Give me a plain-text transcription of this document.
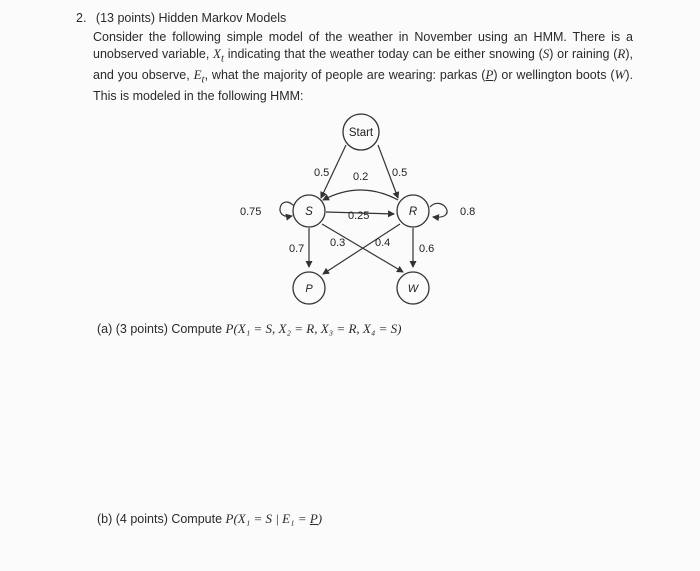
2. (13 points) Hidden Markov Models
Consider the following simple model of the weather in November using an HMM. There is a unobserved variable, $X_t$ indicating that the weather today can be either snowing (S) or raining (R), and you observe, $E_t$, what the majority of people are wearing: parkas (P) or wellington boots (W). This is modeled in the following HMM:
Start
S	R
P	W
0.5	0.5
0.2
0.25
0.75	0.8
0.7 0.3	0.4	0.6
(a) (3 points) Compute P(X₁ = S, X₂ = R, X₃ = R, X₄ = S)
(b) (4 points) Compute P(X₁ = S | E₁ = P)
